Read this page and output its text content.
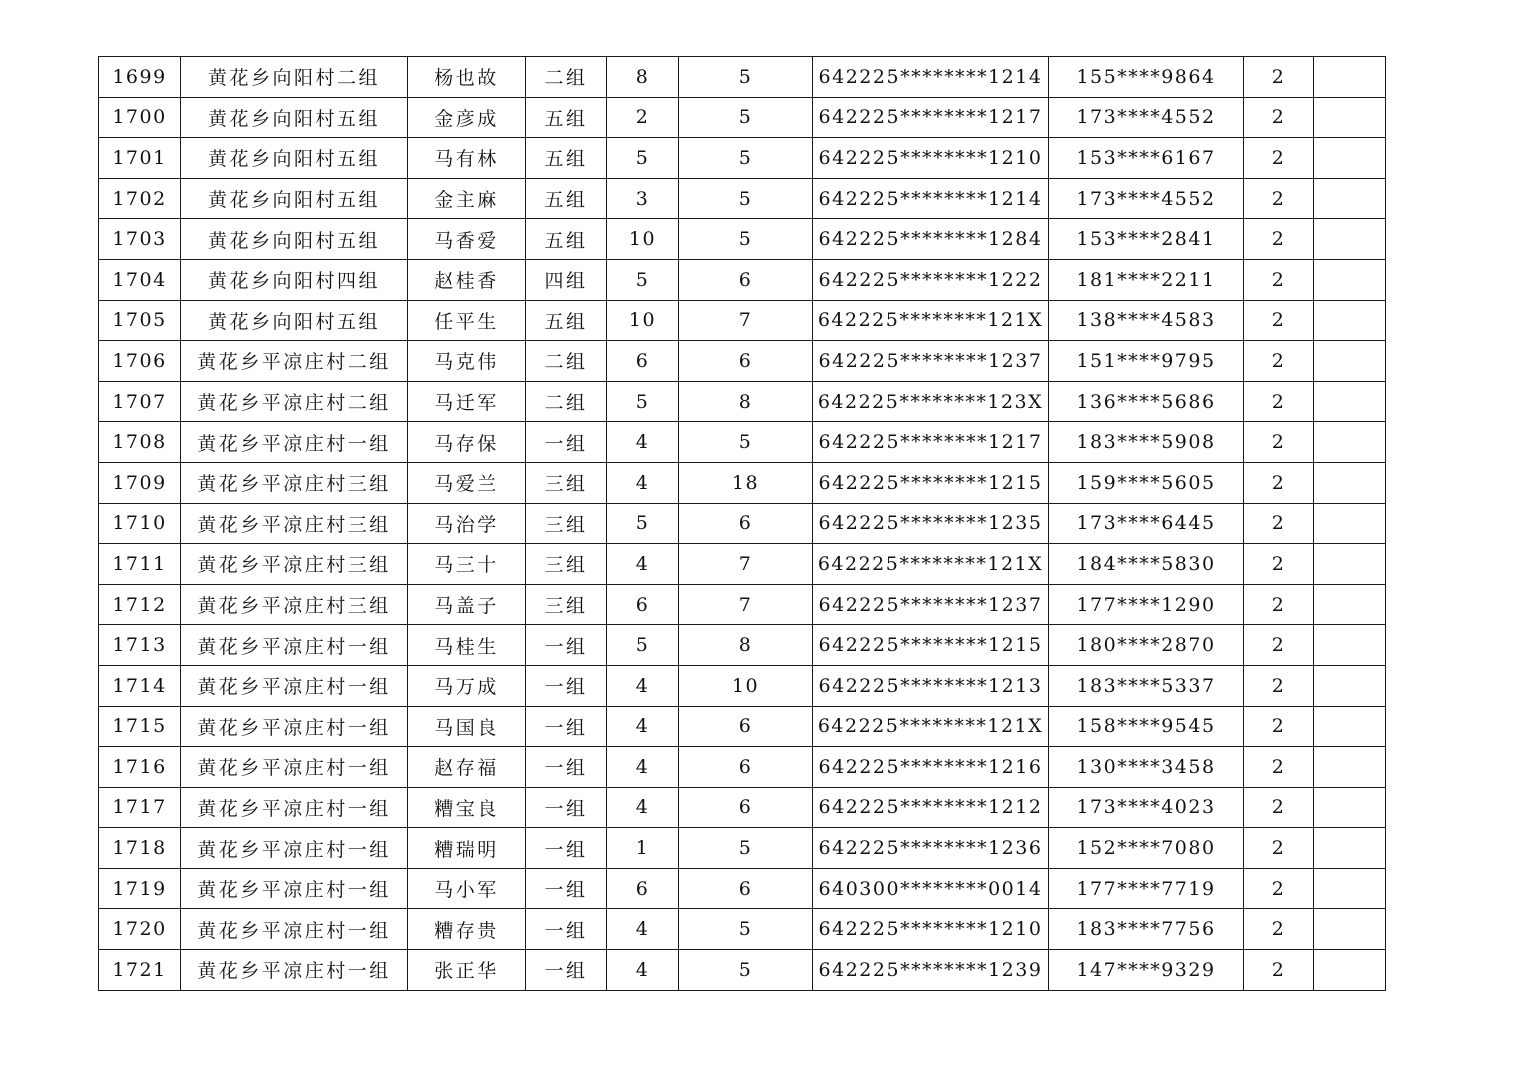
1699	黄花乡向阳村二组	杨也故	二组	8	5	642225********1214	155****9864	2	
1700	黄花乡向阳村五组	金彦成	五组	2	5	642225********1217	173****4552	2	
1701	黄花乡向阳村五组	马有林	五组	5	5	642225********1210	153****6167	2	
1702	黄花乡向阳村五组	金主麻	五组	3	5	642225********1214	173****4552	2	
1703	黄花乡向阳村五组	马香爱	五组	10	5	642225********1284	153****2841	2	
1704	黄花乡向阳村四组	赵桂香	四组	5	6	642225********1222	181****2211	2	
1705	黄花乡向阳村五组	任平生	五组	10	7	642225********121X	138****4583	2	
1706	黄花乡平凉庄村二组	马克伟	二组	6	6	642225********1237	151****9795	2	
1707	黄花乡平凉庄村二组	马迁军	二组	5	8	642225********123X	136****5686	2	
1708	黄花乡平凉庄村一组	马存保	一组	4	5	642225********1217	183****5908	2	
1709	黄花乡平凉庄村三组	马爱兰	三组	4	18	642225********1215	159****5605	2	
1710	黄花乡平凉庄村三组	马治学	三组	5	6	642225********1235	173****6445	2	
1711	黄花乡平凉庄村三组	马三十	三组	4	7	642225********121X	184****5830	2	
1712	黄花乡平凉庄村三组	马盖子	三组	6	7	642225********1237	177****1290	2	
1713	黄花乡平凉庄村一组	马桂生	一组	5	8	642225********1215	180****2870	2	
1714	黄花乡平凉庄村一组	马万成	一组	4	10	642225********1213	183****5337	2	
1715	黄花乡平凉庄村一组	马国良	一组	4	6	642225********121X	158****9545	2	
1716	黄花乡平凉庄村一组	赵存福	一组	4	6	642225********1216	130****3458	2	
1717	黄花乡平凉庄村一组	糟宝良	一组	4	6	642225********1212	173****4023	2	
1718	黄花乡平凉庄村一组	糟瑞明	一组	1	5	642225********1236	152****7080	2	
1719	黄花乡平凉庄村一组	马小军	一组	6	6	640300********0014	177****7719	2	
1720	黄花乡平凉庄村一组	糟存贵	一组	4	5	642225********1210	183****7756	2	
1721	黄花乡平凉庄村一组	张正华	一组	4	5	642225********1239	147****9329	2	
